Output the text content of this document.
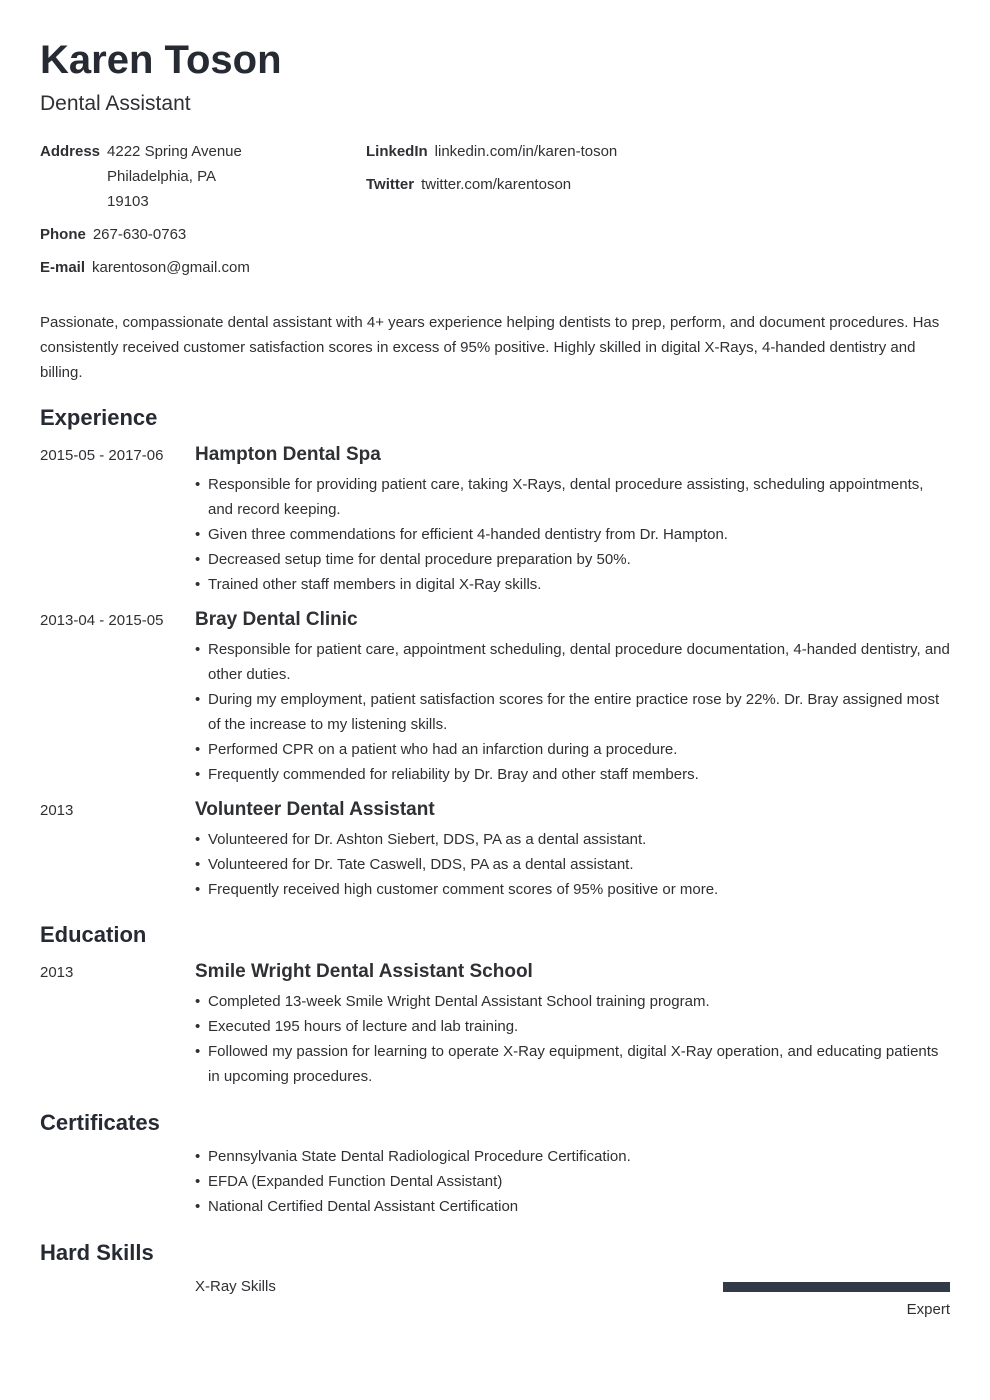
Karen Toson
Dental Assistant
Address 4222 Spring Avenue
Philadelphia, PA
19103
Phone 267-630-0763
E-mail karentoson@gmail.com
LinkedIn linkedin.com/in/karen-toson
Twitter twitter.com/karentoson

Passionate, compassionate dental assistant with 4+ years experience helping dentists to prep, perform, and document procedures. Has consistently received customer satisfaction scores in excess of 95% positive. Highly skilled in digital X-Rays, 4-handed dentistry and billing.

Experience
2015-05 - 2017-06 Hampton Dental Spa
• Responsible for providing patient care, taking X-Rays, dental procedure assisting, scheduling appointments, and record keeping.
• Given three commendations for efficient 4-handed dentistry from Dr. Hampton.
• Decreased setup time for dental procedure preparation by 50%.
• Trained other staff members in digital X-Ray skills.
2013-04 - 2015-05 Bray Dental Clinic
• Responsible for patient care, appointment scheduling, dental procedure documentation, 4-handed dentistry, and other duties.
• During my employment, patient satisfaction scores for the entire practice rose by 22%. Dr. Bray assigned most of the increase to my listening skills.
• Performed CPR on a patient who had an infarction during a procedure.
• Frequently commended for reliability by Dr. Bray and other staff members.
2013	Volunteer Dental Assistant
• Volunteered for Dr. Ashton Siebert, DDS, PA as a dental assistant.
• Volunteered for Dr. Tate Caswell, DDS, PA as a dental assistant.
• Frequently received high customer comment scores of 95% positive or more.
Education
2013	Smile Wright Dental Assistant School
• Completed 13-week Smile Wright Dental Assistant School training program.
• Executed 195 hours of lecture and lab training.
• Followed my passion for learning to operate X-Ray equipment, digital X-Ray operation, and educating patients in upcoming procedures.
Certificates
• Pennsylvania State Dental Radiological Procedure Certification.
• EFDA (Expanded Function Dental Assistant)
• National Certified Dental Assistant Certification
Hard Skills
X-Ray Skills
Expert
